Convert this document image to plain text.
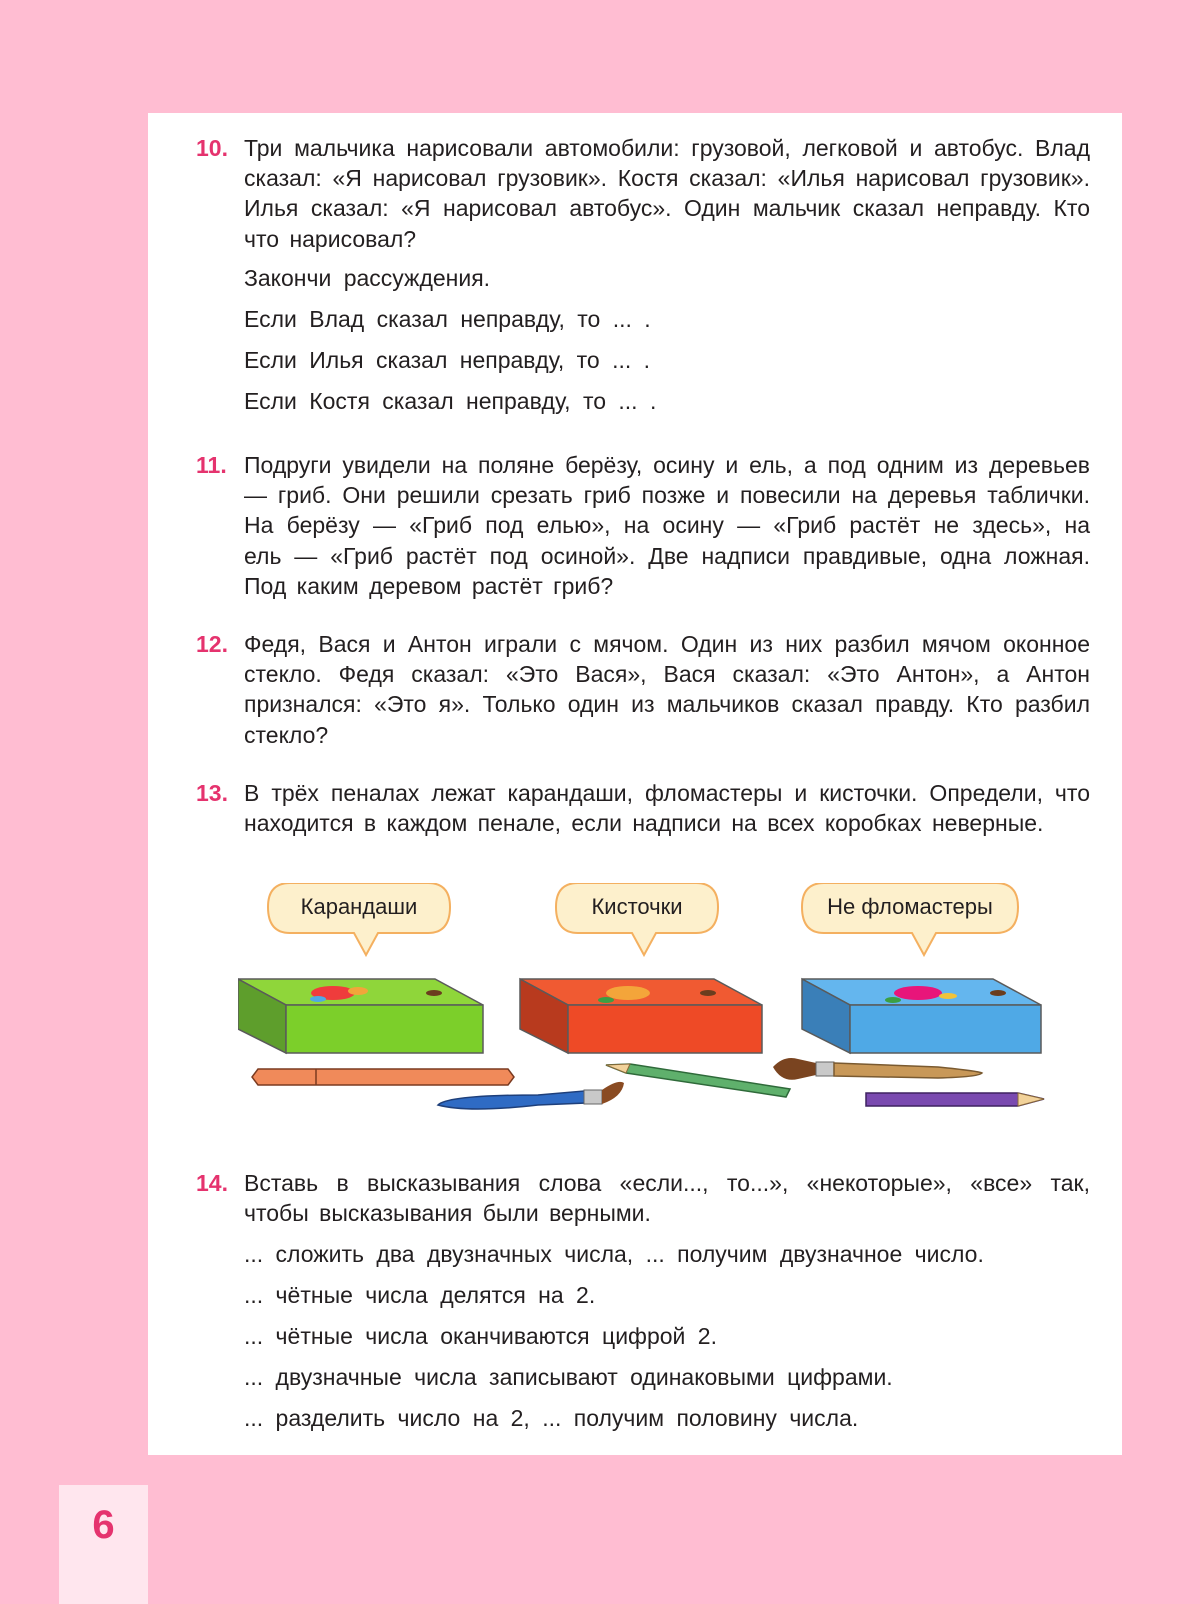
10. Три мальчика нарисовали автомобили: грузовой, легковой и автобус. Влад сказал: «Я нарисовал грузовик». Костя сказал: «Илья нарисовал грузовик». Илья сказал: «Я нарисовал автобус». Один мальчик сказал неправду. Кто что нарисовал?

Закончи рассуждения.
Если Влад сказал неправду, то ... .
Если Илья сказал неправду, то ... .
Если Костя сказал неправду, то ... .
11. Подруги увидели на поляне берёзу, осину и ель, а под одним из деревьев — гриб. Они решили срезать гриб позже и повесили на деревья таблички. На берёзу — «Гриб под елью», на осину — «Гриб растёт не здесь», на ель — «Гриб растёт под осиной». Две надписи правдивые, одна ложная. Под каким деревом растёт гриб?

12. Федя, Вася и Антон играли с мячом. Один из них разбил мячом оконное стекло. Федя сказал: «Это Вася», Вася сказал: «Это Антон», а Антон признался: «Это я». Только один из мальчиков сказал правду. Кто разбил стекло?

13. В трёх пеналах лежат карандаши, фломастеры и кисточки. Определи, что находится в каждом пенале, если надписи на всех коробках неверные.

Карандаши	Кисточки	Не фломастеры
14. Вставь в высказывания слова «если..., то...», «некоторые», «все» так, чтобы высказывания были верными.

... сложить два двузначных числа, ... получим двузначное число.
... чётные числа делятся на 2.
... чётные числа оканчиваются цифрой 2.
... двузначные числа записывают одинаковыми цифрами.
... разделить число на 2, ... получим половину числа.
6
